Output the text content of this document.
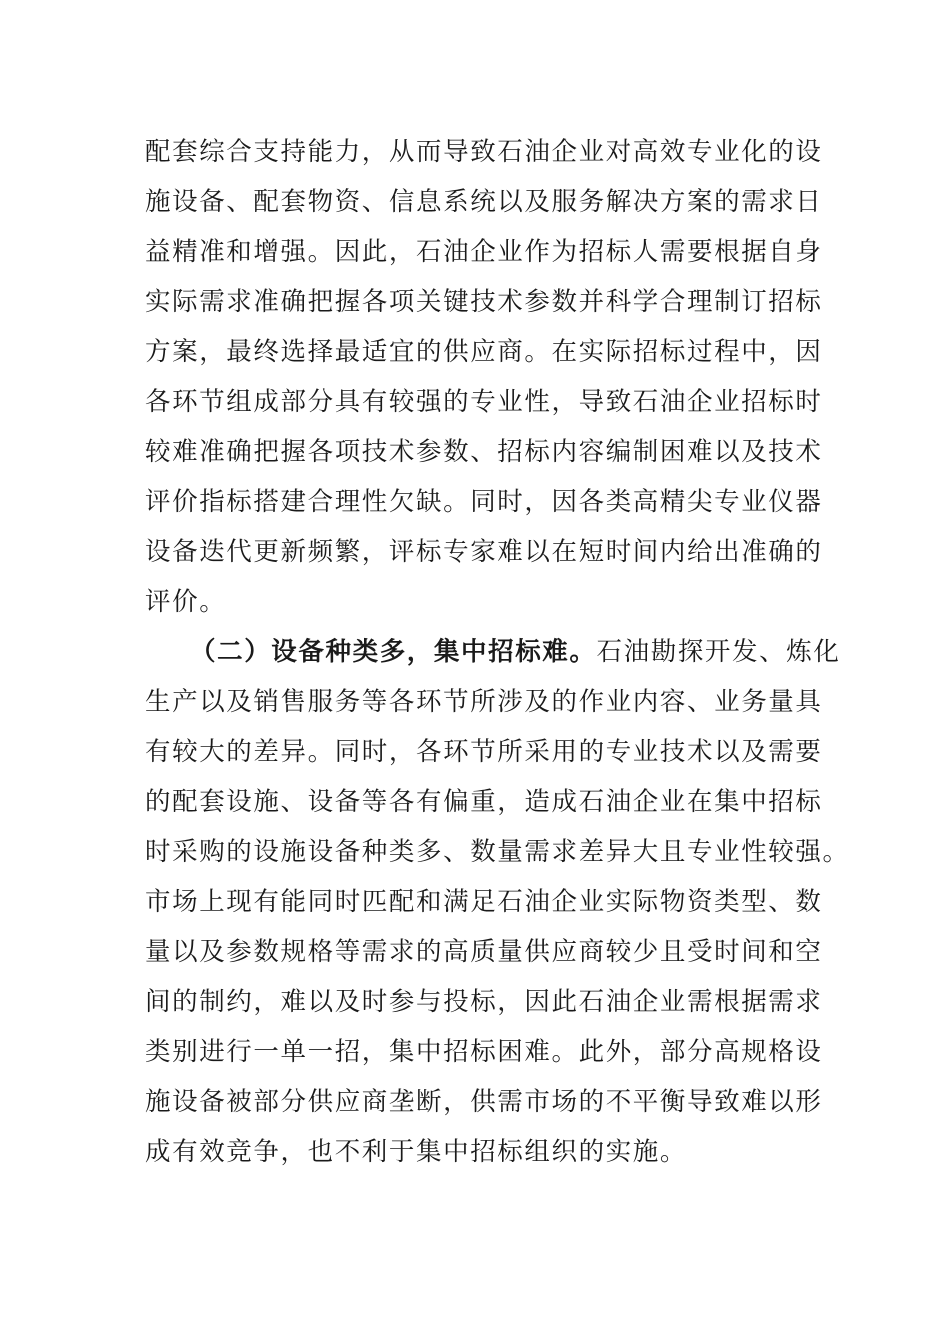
配套综合支持能力，从而导致石油企业对高效专业化的设
施设备、配套物资、信息系统以及服务解决方案的需求日
益精准和增强。因此，石油企业作为招标人需要根据自身
实际需求准确把握各项关键技术参数并科学合理制订招标
方案，最终选择最适宜的供应商。在实际招标过程中，因
各环节组成部分具有较强的专业性，导致石油企业招标时
较难准确把握各项技术参数、招标内容编制困难以及技术
评价指标搭建合理性欠缺。同时，因各类高精尖专业仪器
设备迭代更新频繁，评标专家难以在短时间内给出准确的
评价。
（二）设备种类多，集中招标难。石油勘探开发、炼化
生产以及销售服务等各环节所涉及的作业内容、业务量具
有较大的差异。同时，各环节所采用的专业技术以及需要
的配套设施、设备等各有偏重，造成石油企业在集中招标
时采购的设施设备种类多、数量需求差异大且专业性较强。
市场上现有能同时匹配和满足石油企业实际物资类型、数
量以及参数规格等需求的高质量供应商较少且受时间和空
间的制约，难以及时参与投标，因此石油企业需根据需求
类别进行一单一招，集中招标困难。此外，部分高规格设
施设备被部分供应商垄断，供需市场的不平衡导致难以形
成有效竞争，也不利于集中招标组织的实施。
